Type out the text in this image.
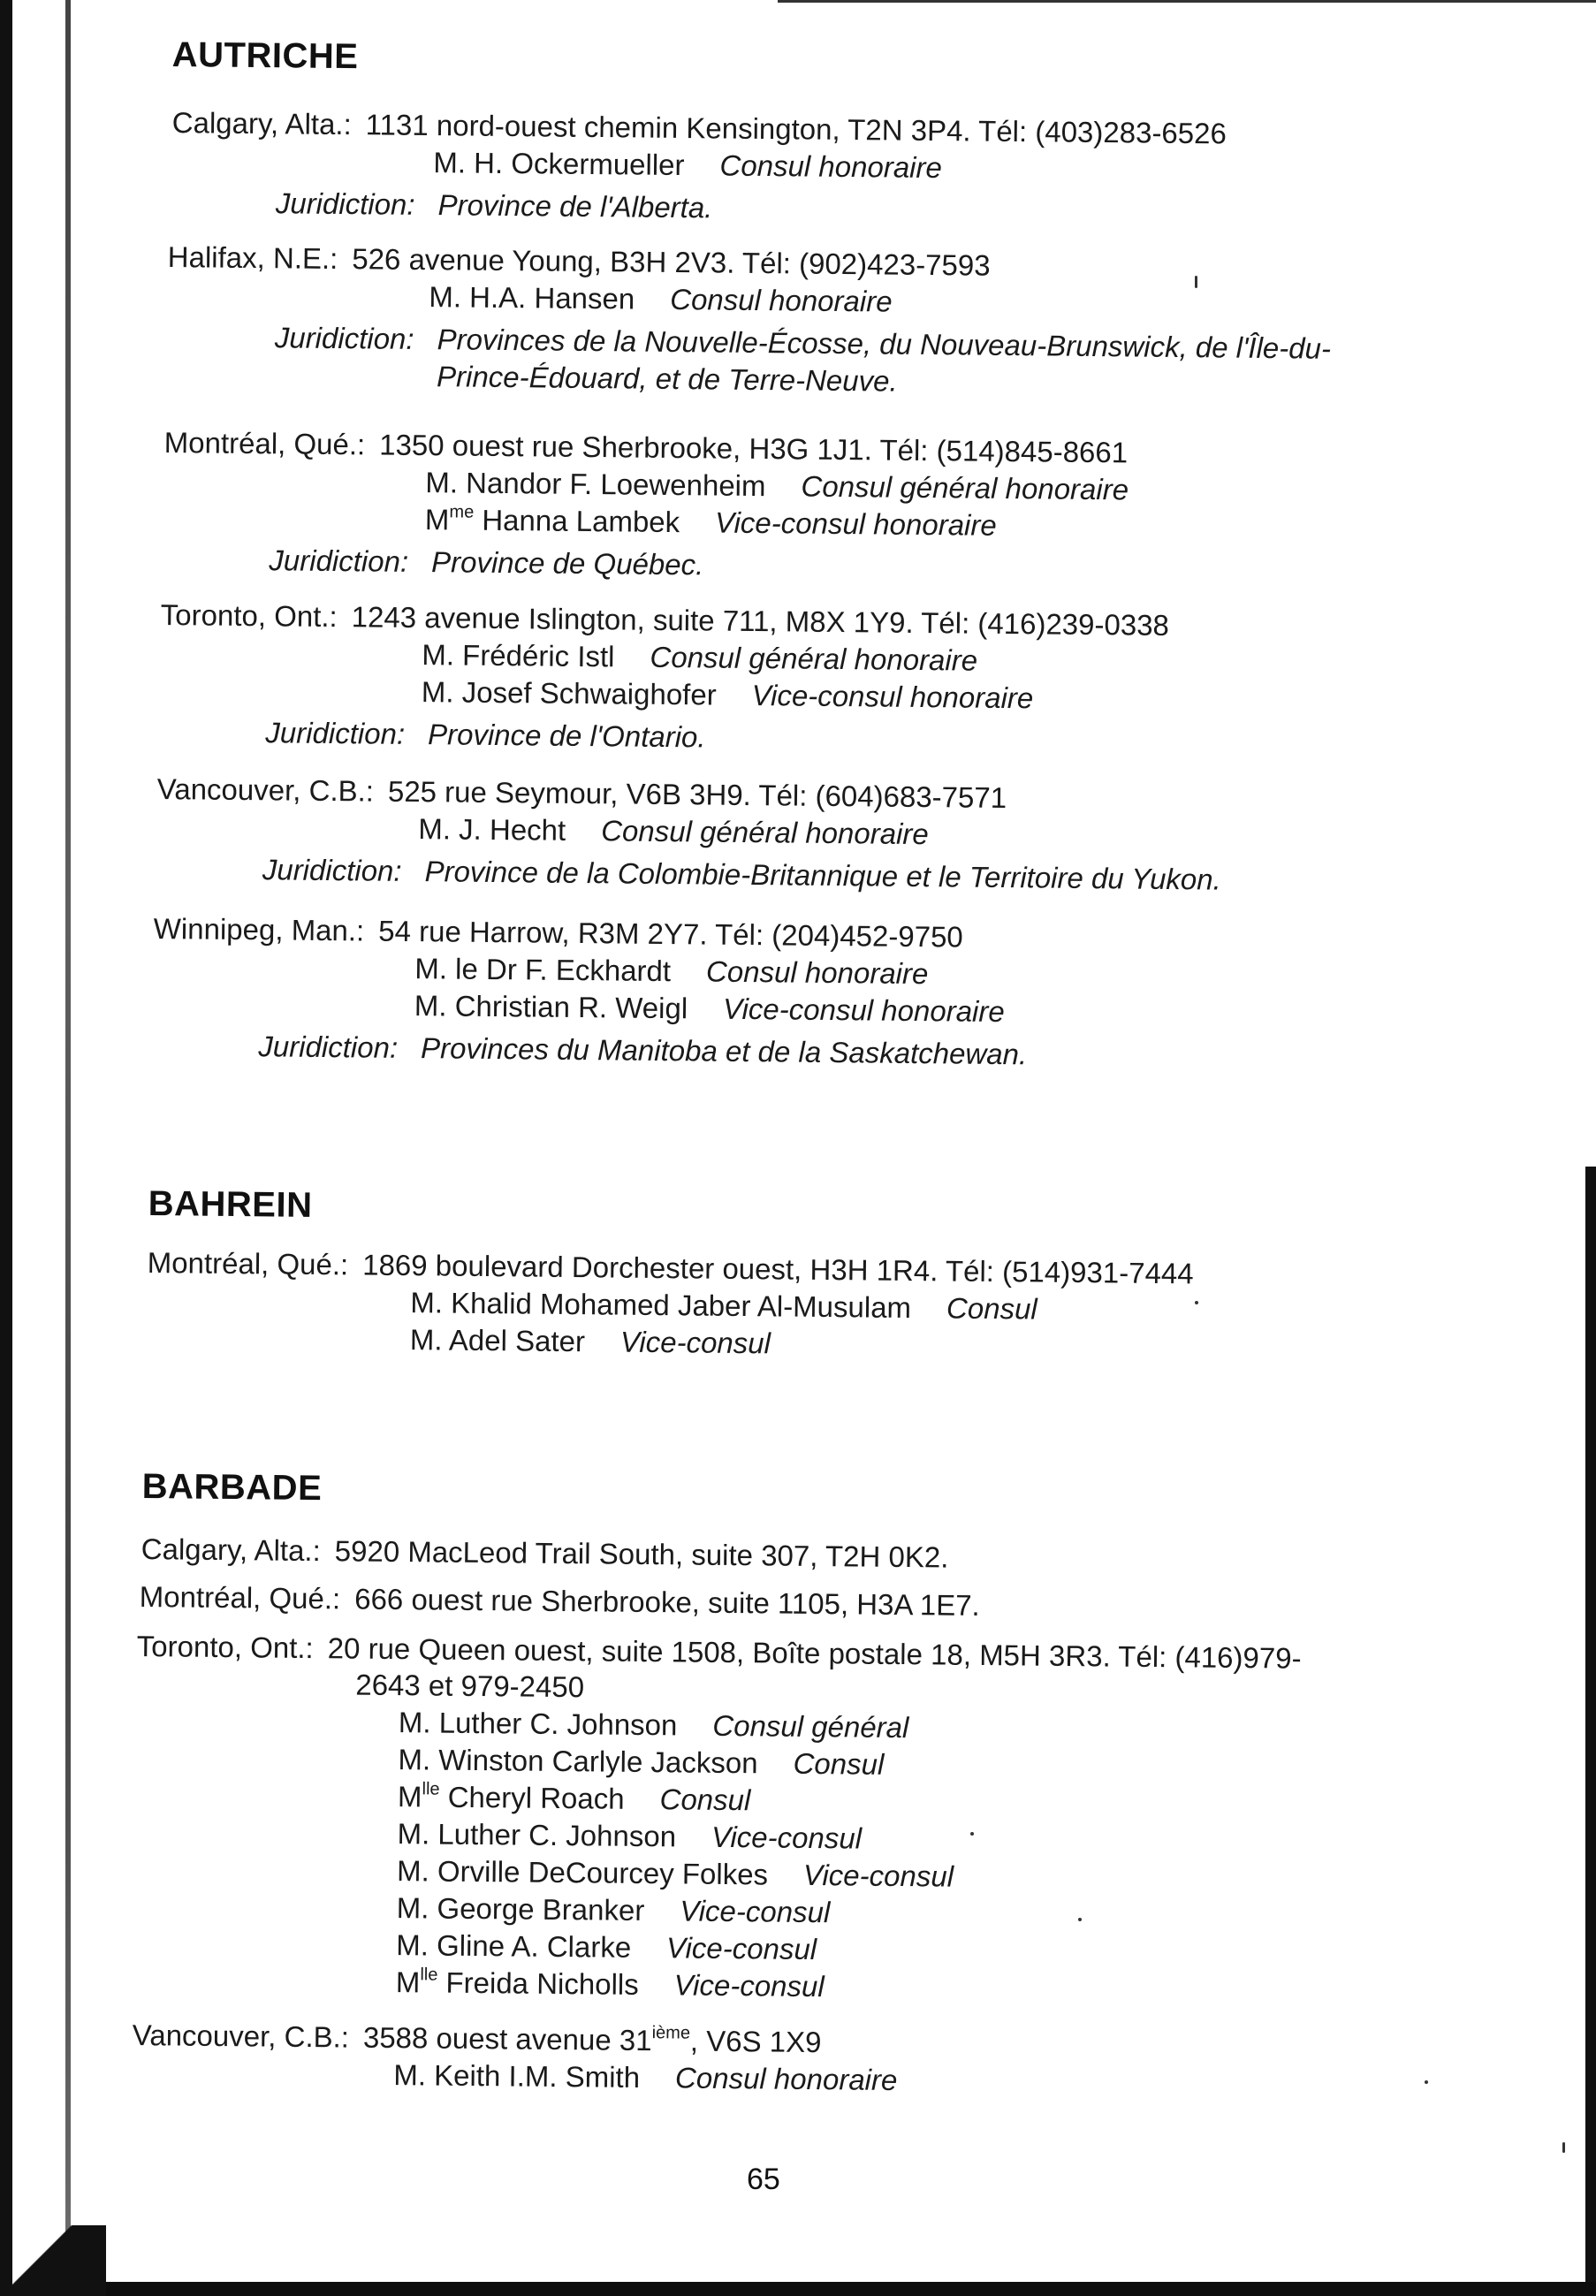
AUTRICHE
Calgary, Alta.: 1131 nord-ouest chemin Kensington, T2N 3P4. Tél: (403)283-6526
M. H. Ockermueller Consul honoraire
Juridiction: Province de l'Alberta.
Halifax, N.E.: 526 avenue Young, B3H 2V3. Tél: (902)423-7593
M. H.A. Hansen Consul honoraire
Juridiction: Provinces de la Nouvelle-Écosse, du Nouveau-Brunswick, de l'Île-du-
Prince-Édouard, et de Terre-Neuve.
Montréal, Qué.: 1350 ouest rue Sherbrooke, H3G 1J1. Tél: (514)845-8661
M. Nandor F. Loewenheim Consul général honoraire
$M^{me}$ Hanna Lambek Vice-consul honoraire
Juridiction: Province de Québec.
Toronto, Ont.: 1243 avenue Islington, suite 711, M8X 1Y9. Tél: (416)239-0338
M. Frédéric Istl Consul général honoraire
M. Josef Schwaighofer Vice-consul honoraire
Juridiction: Province de l'Ontario.
Vancouver, C.B.: 525 rue Seymour, V6B 3H9. Tél: (604)683-7571
M. J. Hecht Consul général honoraire
Juridiction: Province de la Colombie-Britannique et le Territoire du Yukon.
Winnipeg, Man.: 54 rue Harrow, R3M 2Y7. Tél: (204)452-9750
M. le Dr F. Eckhardt Consul honoraire
M. Christian R. Weigl Vice-consul honoraire
Juridiction: Provinces du Manitoba et de la Saskatchewan.
BAHREIN
Montréal, Qué.: 1869 boulevard Dorchester ouest, H3H 1R4. Tél: (514)931-7444
M. Khalid Mohamed Jaber Al-Musulam Consul
M. Adel Sater Vice-consul
BARBADE
Calgary, Alta.: 5920 MacLeod Trail South, suite 307, T2H 0K2.
Montréal, Qué.: 666 ouest rue Sherbrooke, suite 1105, H3A 1E7.
Toronto, Ont.: 20 rue Queen ouest, suite 1508, Boîte postale 18, M5H 3R3. Tél: (416)979-
2643 et 979-2450
M. Luther C. Johnson Consul général
M. Winston Carlyle Jackson Consul
$M^{lle}$ Cheryl Roach Consul
M. Luther C. Johnson Vice-consul
M. Orville DeCourcey Folkes Vice-consul
M. George Branker Vice-consul
M. Gline A. Clarke Vice-consul
$M^{lle}$ Freida Nicholls Vice-consul
Vancouver, C.B.: 3588 ouest avenue 31ième, V6S 1X9
M. Keith I.M. Smith Consul honoraire
65
